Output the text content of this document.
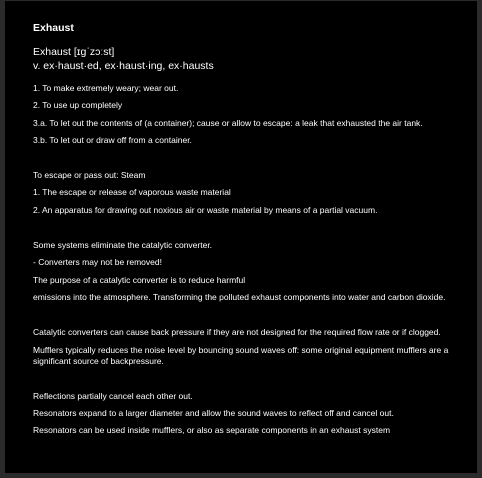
Exhaust
Exhaust [ɪgˈzɔːst]
v. ex·haust·ed, ex·haust·ing, ex·hausts
1. To make extremely weary; wear out.
2. To use up completely
3.a. To let out the contents of (a container); cause or allow to escape: a leak that exhausted the air tank.
3.b. To let out or draw off from a container.
To escape or pass out: Steam
1. The escape or release of vaporous waste material
2. An apparatus for drawing out noxious air or waste material by means of a partial vacuum.
Some systems eliminate the catalytic converter.
- Converters may not be removed!
The purpose of a catalytic converter is to reduce harmful
emissions into the atmosphere. Transforming the polluted exhaust components into water and carbon dioxide.
Catalytic converters can cause back pressure if they are not designed for the required flow rate or if clogged.
Mufflers typically reduces the noise level by bouncing sound waves off: some original equipment mufflers are a significant source of backpressure.
Reflections partially cancel each other out.
Resonators expand to a larger diameter and allow the sound waves to reflect off and cancel out.
Resonators can be used inside mufflers, or also as separate components in an exhaust system
